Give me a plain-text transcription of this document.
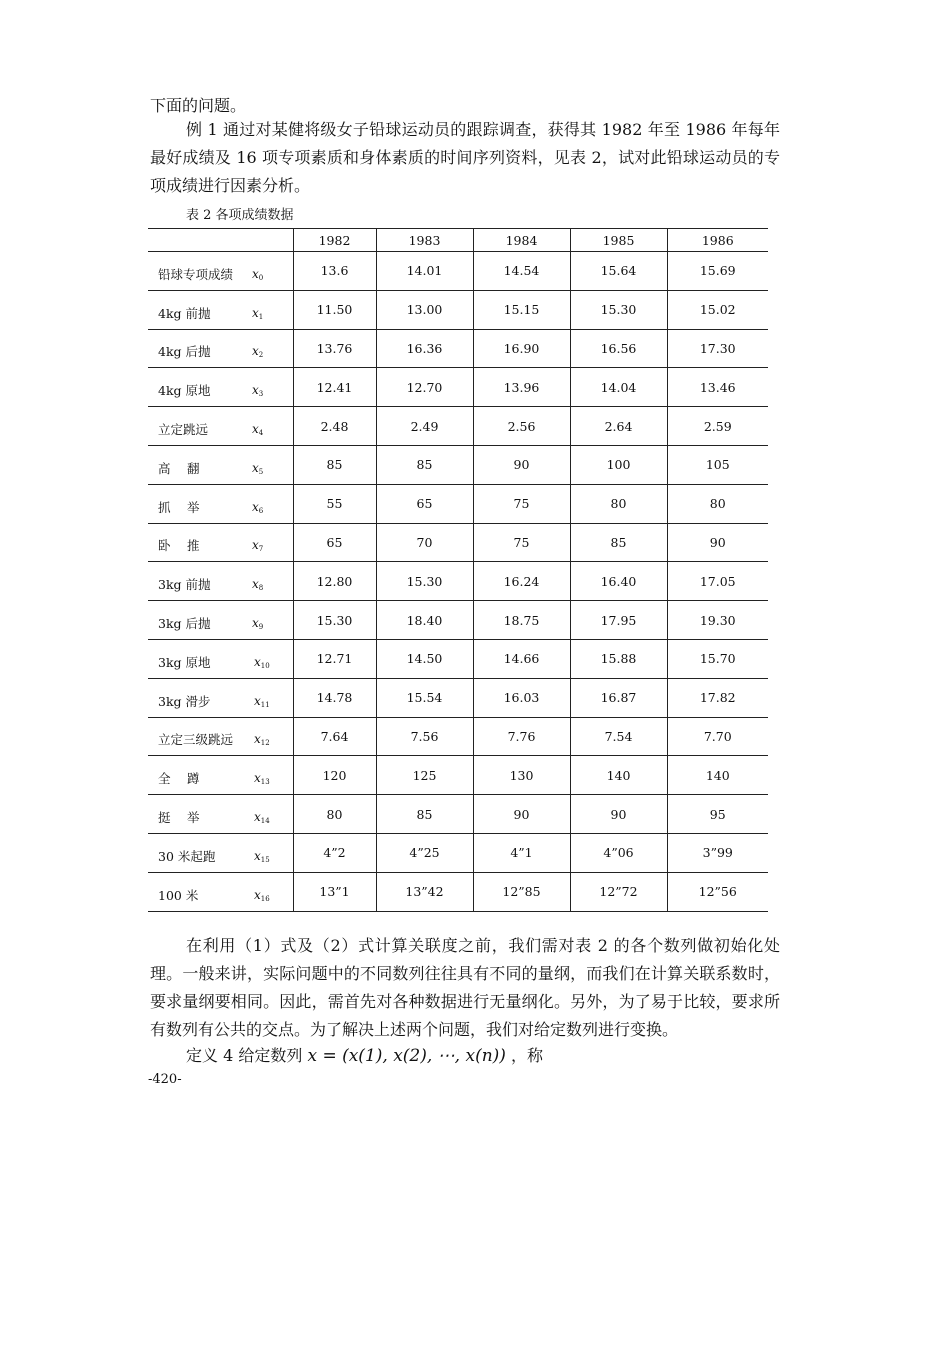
下面的问题。

例 1 通过对某健将级女子铅球运动员的跟踪调查，获得其 1982 年至 1986 年每年最好成绩及 16 项专项素质和身体素质的时间序列资料，见表 2，试对此铅球运动员的专项成绩进行因素分析。

表 2 各项成绩数据
	1982	1983	1984	1985	1986
铅球专项成绩 $x_0$	13.6	14.01	14.54	15.64	15.69
4kg 前抛 $x_1$	11.50	13.00	15.15	15.30	15.02
4kg 后抛 $x_2$	13.76	16.36	16.90	16.56	17.30
4kg 原地 $x_3$	12.41	12.70	13.96	14.04	13.46
立定跳远 $x_4$	2.48	2.49	2.56	2.64	2.59
高　 翻 $x_5$	85	85	90	100	105
抓　 举 $x_6$	55	65	75	80	80
卧　 推 $x_7$	65	70	75	85	90
3kg 前抛 $x_8$	12.80	15.30	16.24	16.40	17.05
3kg 后抛 $x_9$	15.30	18.40	18.75	17.95	19.30
3kg 原地 $x_{10}$	12.71	14.50	14.66	15.88	15.70
3kg 滑步 $x_{11}$	14.78	15.54	16.03	16.87	17.82
立定三级跳远 $x_{12}$	7.64	7.56	7.76	7.54	7.70
全　 蹲 $x_{13}$	120	125	130	140	140
挺　 举 $x_{14}$	80	85	90	90	95
30 米起跑 $x_{15}$	4”2	4”25	4”1	4”06	3”99
100 米 $x_{16}$	13”1	13”42	12”85	12”72	12”56

在利用（1）式及（2）式计算关联度之前，我们需对表 2 的各个数列做初始化处理。一般来讲，实际问题中的不同数列往往具有不同的量纲，而我们在计算关联系数时，要求量纲要相同。因此，需首先对各种数据进行无量纲化。另外，为了易于比较，要求所有数列有公共的交点。为了解决上述两个问题，我们对给定数列进行变换。

定义 4 给定数列 x = (x(1), x(2), ⋯, x(n)) ，称
-420-
